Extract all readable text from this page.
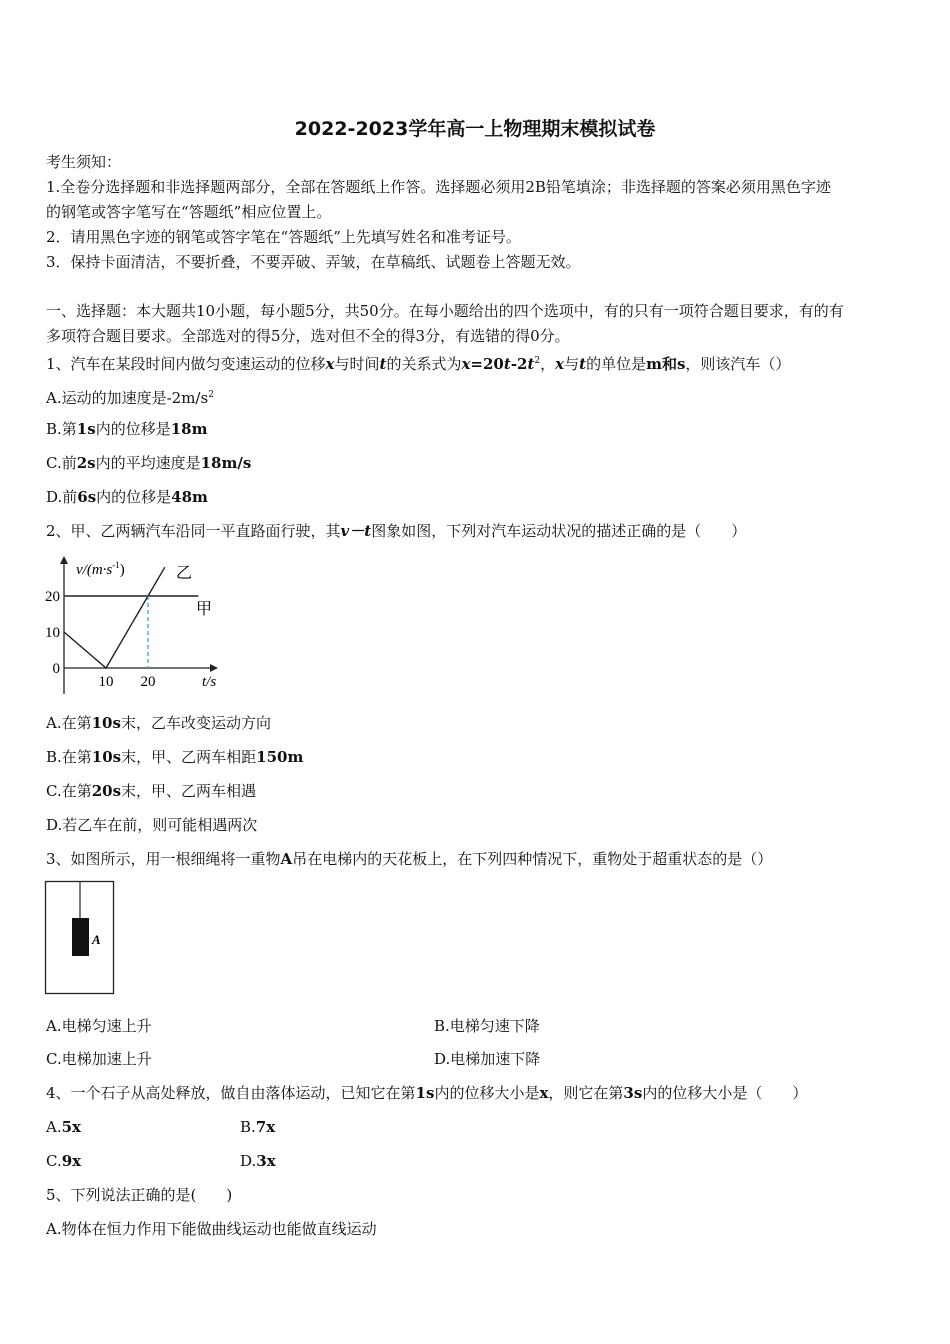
2022-2023学年高一上物理期末模拟试卷
考生须知：
1.全卷分选择题和非选择题两部分，全部在答题纸上作答。选择题必须用2B铅笔填涂；非选择题的答案必须用黑色字迹
的钢笔或答字笔写在“答题纸”相应位置上。
2．请用黑色字迹的钢笔或答字笔在“答题纸”上先填写姓名和准考证号。
3．保持卡面清洁，不要折叠，不要弄破、弄皱，在草稿纸、试题卷上答题无效。
一、选择题：本大题共10小题，每小题5分，共50分。在每小题给出的四个选项中，有的只有一项符合题目要求，有的有
多项符合题目要求。全部选对的得5分，选对但不全的得3分，有选错的得0分。
1、汽车在某段时间内做匀变速运动的位移x与时间t的关系式为$x=20t-2t^2$，x与t的单位是m和s，则该汽车（）
A.运动的加速度是$-2m/s^2$
B.第1s内的位移是18m
C.前2s内的平均速度是18m/s
D.前6s内的位移是48m
2、甲、乙两辆汽车沿同一平直路面行驶，其v－t图象如图，下列对汽车运动状况的描述正确的是（　　）
20
10
0
10 20
$v/(m\cdot s^{-1})$
t/s
乙
甲
A.在第10s末，乙车改变运动方向
B.在第10s末，甲、乙两车相距150m
C.在第20s末，甲、乙两车相遇
D.若乙车在前，则可能相遇两次
3、如图所示，用一根细绳将一重物A吊在电梯内的天花板上，在下列四种情况下，重物处于超重状态的是（）
A
A.电梯匀速上升	B.电梯匀速下降
C.电梯加速上升	D.电梯加速下降
4、一个石子从高处释放，做自由落体运动，已知它在第1s内的位移大小是x，则它在第3s内的位移大小是（　　）
A.5x	B.7x
C.9x	D.3x
5、下列说法正确的是(　　)
A.物体在恒力作用下能做曲线运动也能做直线运动
